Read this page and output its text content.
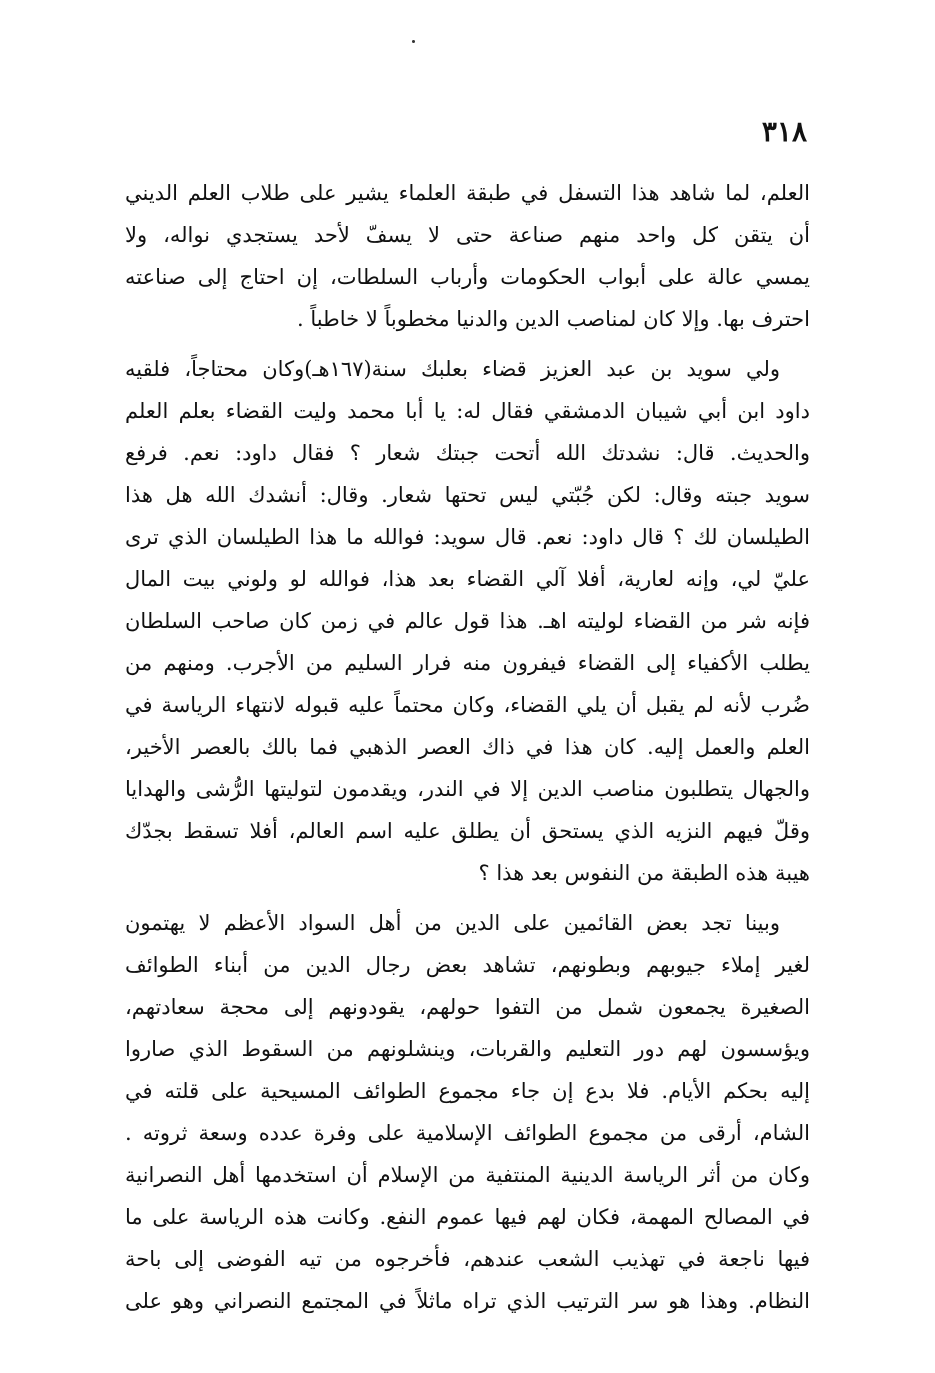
٣١٨
العلم، لما شاهد هذا التسفل في طبقة العلماء يشير على طلاب العلم الديني
أن يتقن كل واحد منهم صناعة حتى لا يسفّ لأحد يستجدي نواله، ولا
يمسي عالة على أبواب الحكومات وأرباب السلطات، إن احتاج إلى صناعته
احترف بها. وإلا كان لمناصب الدين والدنيا مخطوباً لا خاطباً .
ولي سويد بن عبد العزيز قضاء بعلبك سنة(١٦٧هـ)وكان محتاجاً، فلقيه
داود ابن أبي شيبان الدمشقي فقال له: يا أبا محمد وليت القضاء بعلم العلم
والحديث. قال: نشدتك الله أتحت جبتك شعار ؟ فقال داود: نعم. فرفع
سويد جبته وقال: لكن جُبّتي ليس تحتها شعار. وقال: أنشدك الله هل هذا
الطيلسان لك ؟ قال داود: نعم. قال سويد: فوالله ما هذا الطيلسان الذي ترى
عليّ لي، وإنه لعارية، أفلا آلي القضاء بعد هذا، فوالله لو ولوني بيت المال
فإنه شر من القضاء لوليته اهـ. هذا قول عالم في زمن كان صاحب السلطان
يطلب الأكفياء إلى القضاء فيفرون منه فرار السليم من الأجرب. ومنهم من
ضُرب لأنه لم يقبل أن يلي القضاء، وكان محتماً عليه قبوله لانتهاء الرياسة في
العلم والعمل إليه. كان هذا في ذاك العصر الذهبي فما بالك بالعصر الأخير،
والجهال يتطلبون مناصب الدين إلا في الندر، ويقدمون لتوليتها الرُّشى والهدايا
وقلّ فيهم النزيه الذي يستحق أن يطلق عليه اسم العالم، أفلا تسقط بجدّك
هيبة هذه الطبقة من النفوس بعد هذا ؟
وبينا تجد بعض القائمين على الدين من أهل السواد الأعظم لا يهتمون
لغير إملاء جيوبهم وبطونهم، تشاهد بعض رجال الدين من أبناء الطوائف
الصغيرة يجمعون شمل من التفوا حولهم، يقودونهم إلى محجة سعادتهم،
ويؤسسون لهم دور التعليم والقربات، وينشلونهم من السقوط الذي صاروا
إليه بحكم الأيام. فلا بدع إن جاء مجموع الطوائف المسيحية على قلته في
الشام، أرقى من مجموع الطوائف الإسلامية على وفرة عدده وسعة ثروته .
وكان من أثر الرياسة الدينية المنتفية من الإسلام أن استخدمها أهل النصرانية
في المصالح المهمة، فكان لهم فيها عموم النفع. وكانت هذه الرياسة على ما
فيها ناجعة في تهذيب الشعب عندهم، فأخرجوه من تيه الفوضى إلى باحة
النظام. وهذا هو سر الترتيب الذي تراه ماثلاً في المجتمع النصراني وهو على
